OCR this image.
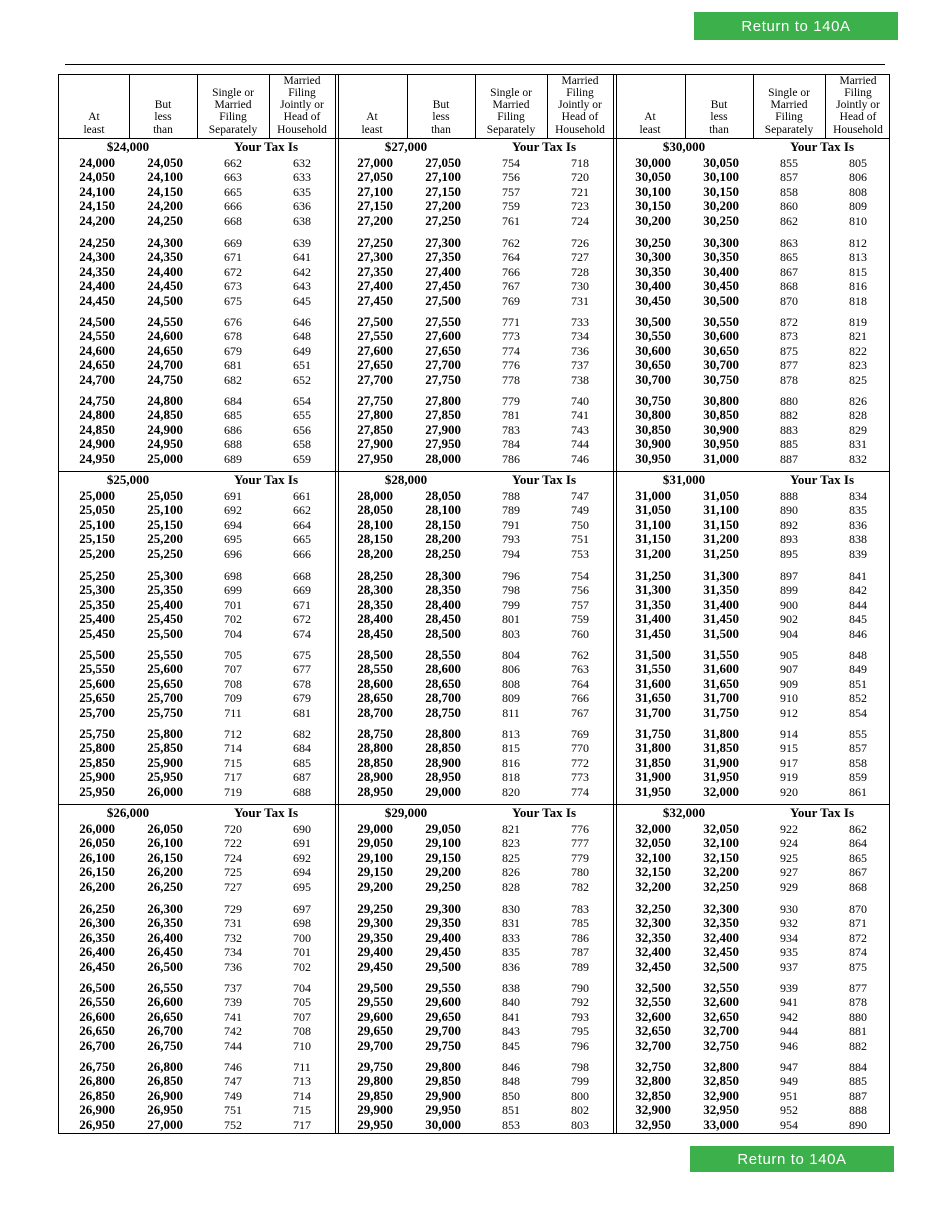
Return to 140A
At
least
But
less
than
Single or
Married
Filing
Separately
Married
Filing
Jointly or
Head of
Household
$24,000	Your Tax Is
24,000	24,050	662	632
24,050	24,100	663	633
24,100	24,150	665	635
24,150	24,200	666	636
24,200	24,250	668	638
24,250	24,300	669	639
24,300	24,350	671	641
24,350	24,400	672	642
24,400	24,450	673	643
24,450	24,500	675	645
24,500	24,550	676	646
24,550	24,600	678	648
24,600	24,650	679	649
24,650	24,700	681	651
24,700	24,750	682	652
24,750	24,800	684	654
24,800	24,850	685	655
24,850	24,900	686	656
24,900	24,950	688	658
24,950	25,000	689	659
$25,000	Your Tax Is
25,000	25,050	691	661
25,050	25,100	692	662
25,100	25,150	694	664
25,150	25,200	695	665
25,200	25,250	696	666
25,250	25,300	698	668
25,300	25,350	699	669
25,350	25,400	701	671
25,400	25,450	702	672
25,450	25,500	704	674
25,500	25,550	705	675
25,550	25,600	707	677
25,600	25,650	708	678
25,650	25,700	709	679
25,700	25,750	711	681
25,750	25,800	712	682
25,800	25,850	714	684
25,850	25,900	715	685
25,900	25,950	717	687
25,950	26,000	719	688
$26,000	Your Tax Is
26,000	26,050	720	690
26,050	26,100	722	691
26,100	26,150	724	692
26,150	26,200	725	694
26,200	26,250	727	695
26,250	26,300	729	697
26,300	26,350	731	698
26,350	26,400	732	700
26,400	26,450	734	701
26,450	26,500	736	702
26,500	26,550	737	704
26,550	26,600	739	705
26,600	26,650	741	707
26,650	26,700	742	708
26,700	26,750	744	710
26,750	26,800	746	711
26,800	26,850	747	713
26,850	26,900	749	714
26,900	26,950	751	715
26,950	27,000	752	717
At
least
But
less
than
Single or
Married
Filing
Separately
Married
Filing
Jointly or
Head of
Household
$27,000	Your Tax Is
27,000	27,050	754	718
27,050	27,100	756	720
27,100	27,150	757	721
27,150	27,200	759	723
27,200	27,250	761	724
27,250	27,300	762	726
27,300	27,350	764	727
27,350	27,400	766	728
27,400	27,450	767	730
27,450	27,500	769	731
27,500	27,550	771	733
27,550	27,600	773	734
27,600	27,650	774	736
27,650	27,700	776	737
27,700	27,750	778	738
27,750	27,800	779	740
27,800	27,850	781	741
27,850	27,900	783	743
27,900	27,950	784	744
27,950	28,000	786	746
$28,000	Your Tax Is
28,000	28,050	788	747
28,050	28,100	789	749
28,100	28,150	791	750
28,150	28,200	793	751
28,200	28,250	794	753
28,250	28,300	796	754
28,300	28,350	798	756
28,350	28,400	799	757
28,400	28,450	801	759
28,450	28,500	803	760
28,500	28,550	804	762
28,550	28,600	806	763
28,600	28,650	808	764
28,650	28,700	809	766
28,700	28,750	811	767
28,750	28,800	813	769
28,800	28,850	815	770
28,850	28,900	816	772
28,900	28,950	818	773
28,950	29,000	820	774
$29,000	Your Tax Is
29,000	29,050	821	776
29,050	29,100	823	777
29,100	29,150	825	779
29,150	29,200	826	780
29,200	29,250	828	782
29,250	29,300	830	783
29,300	29,350	831	785
29,350	29,400	833	786
29,400	29,450	835	787
29,450	29,500	836	789
29,500	29,550	838	790
29,550	29,600	840	792
29,600	29,650	841	793
29,650	29,700	843	795
29,700	29,750	845	796
29,750	29,800	846	798
29,800	29,850	848	799
29,850	29,900	850	800
29,900	29,950	851	802
29,950	30,000	853	803
At
least
But
less
than
Single or
Married
Filing
Separately
Married
Filing
Jointly or
Head of
Household
$30,000	Your Tax Is
30,000	30,050	855	805
30,050	30,100	857	806
30,100	30,150	858	808
30,150	30,200	860	809
30,200	30,250	862	810
30,250	30,300	863	812
30,300	30,350	865	813
30,350	30,400	867	815
30,400	30,450	868	816
30,450	30,500	870	818
30,500	30,550	872	819
30,550	30,600	873	821
30,600	30,650	875	822
30,650	30,700	877	823
30,700	30,750	878	825
30,750	30,800	880	826
30,800	30,850	882	828
30,850	30,900	883	829
30,900	30,950	885	831
30,950	31,000	887	832
$31,000	Your Tax Is
31,000	31,050	888	834
31,050	31,100	890	835
31,100	31,150	892	836
31,150	31,200	893	838
31,200	31,250	895	839
31,250	31,300	897	841
31,300	31,350	899	842
31,350	31,400	900	844
31,400	31,450	902	845
31,450	31,500	904	846
31,500	31,550	905	848
31,550	31,600	907	849
31,600	31,650	909	851
31,650	31,700	910	852
31,700	31,750	912	854
31,750	31,800	914	855
31,800	31,850	915	857
31,850	31,900	917	858
31,900	31,950	919	859
31,950	32,000	920	861
$32,000	Your Tax Is
32,000	32,050	922	862
32,050	32,100	924	864
32,100	32,150	925	865
32,150	32,200	927	867
32,200	32,250	929	868
32,250	32,300	930	870
32,300	32,350	932	871
32,350	32,400	934	872
32,400	32,450	935	874
32,450	32,500	937	875
32,500	32,550	939	877
32,550	32,600	941	878
32,600	32,650	942	880
32,650	32,700	944	881
32,700	32,750	946	882
32,750	32,800	947	884
32,800	32,850	949	885
32,850	32,900	951	887
32,900	32,950	952	888
32,950	33,000	954	890
Return to 140A
